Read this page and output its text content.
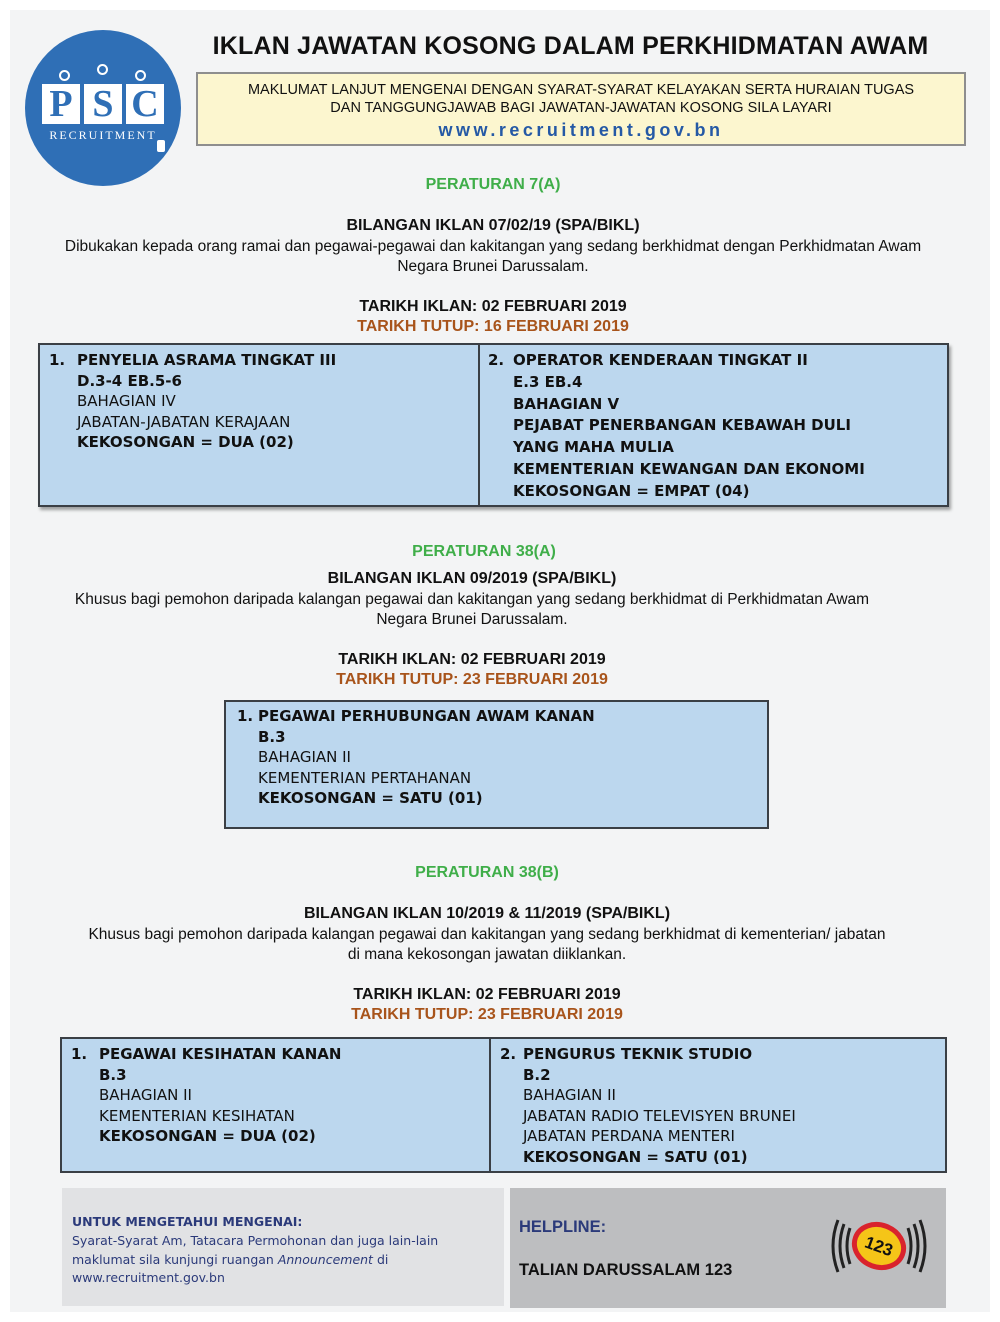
P S C
RECRUITMENT
IKLAN JAWATAN KOSONG DALAM PERKHIDMATAN AWAM
MAKLUMAT LANJUT MENGENAI DENGAN SYARAT-SYARAT KELAYAKAN SERTA HURAIAN TUGAS
DAN TANGGUNGJAWAB BAGI JAWATAN-JAWATAN KOSONG SILA LAYARI
www.recruitment.gov.bn
PERATURAN 7(A)
BILANGAN IKLAN 07/02/19 (SPA/BIKL)
Dibukakan kepada orang ramai dan pegawai-pegawai dan kakitangan yang sedang berkhidmat dengan Perkhidmatan Awam
Negara Brunei Darussalam.
TARIKH IKLAN: 02 FEBRUARI 2019
TARIKH TUTUP: 16 FEBRUARI 2019
1. PENYELIA ASRAMA TINGKAT III
D.3-4 EB.5-6
BAHAGIAN IV
JABATAN-JABATAN KERAJAAN
KEKOSONGAN = DUA (02)
2. OPERATOR KENDERAAN TINGKAT II
E.3 EB.4
BAHAGIAN V
PEJABAT PENERBANGAN KEBAWAH DULI
YANG MAHA MULIA
KEMENTERIAN KEWANGAN DAN EKONOMI
KEKOSONGAN = EMPAT (04)
PERATURAN 38(A)
BILANGAN IKLAN 09/2019 (SPA/BIKL)
Khusus bagi pemohon daripada kalangan pegawai dan kakitangan yang sedang berkhidmat di Perkhidmatan Awam
Negara Brunei Darussalam.
TARIKH IKLAN: 02 FEBRUARI 2019
TARIKH TUTUP: 23 FEBRUARI 2019
1. PEGAWAI PERHUBUNGAN AWAM KANAN
B.3
BAHAGIAN II
KEMENTERIAN PERTAHANAN
KEKOSONGAN = SATU (01)
PERATURAN 38(B)
BILANGAN IKLAN 10/2019 & 11/2019 (SPA/BIKL)
Khusus bagi pemohon daripada kalangan pegawai dan kakitangan yang sedang berkhidmat di kementerian/ jabatan
di mana kekosongan jawatan diiklankan.
TARIKH IKLAN: 02 FEBRUARI 2019
TARIKH TUTUP: 23 FEBRUARI 2019
1. PEGAWAI KESIHATAN KANAN
B.3
BAHAGIAN II
KEMENTERIAN KESIHATAN
KEKOSONGAN = DUA (02)
2. PENGURUS TEKNIK STUDIO
B.2
BAHAGIAN II
JABATAN RADIO TELEVISYEN BRUNEI
JABATAN PERDANA MENTERI
KEKOSONGAN = SATU (01)
UNTUK MENGETAHUI MENGENAI:
Syarat-Syarat Am, Tatacara Permohonan dan juga lain-lain
maklumat sila kunjungi ruangan Announcement di
www.recruitment.gov.bn
HELPLINE:
TALIAN DARUSSALAM 123
123
